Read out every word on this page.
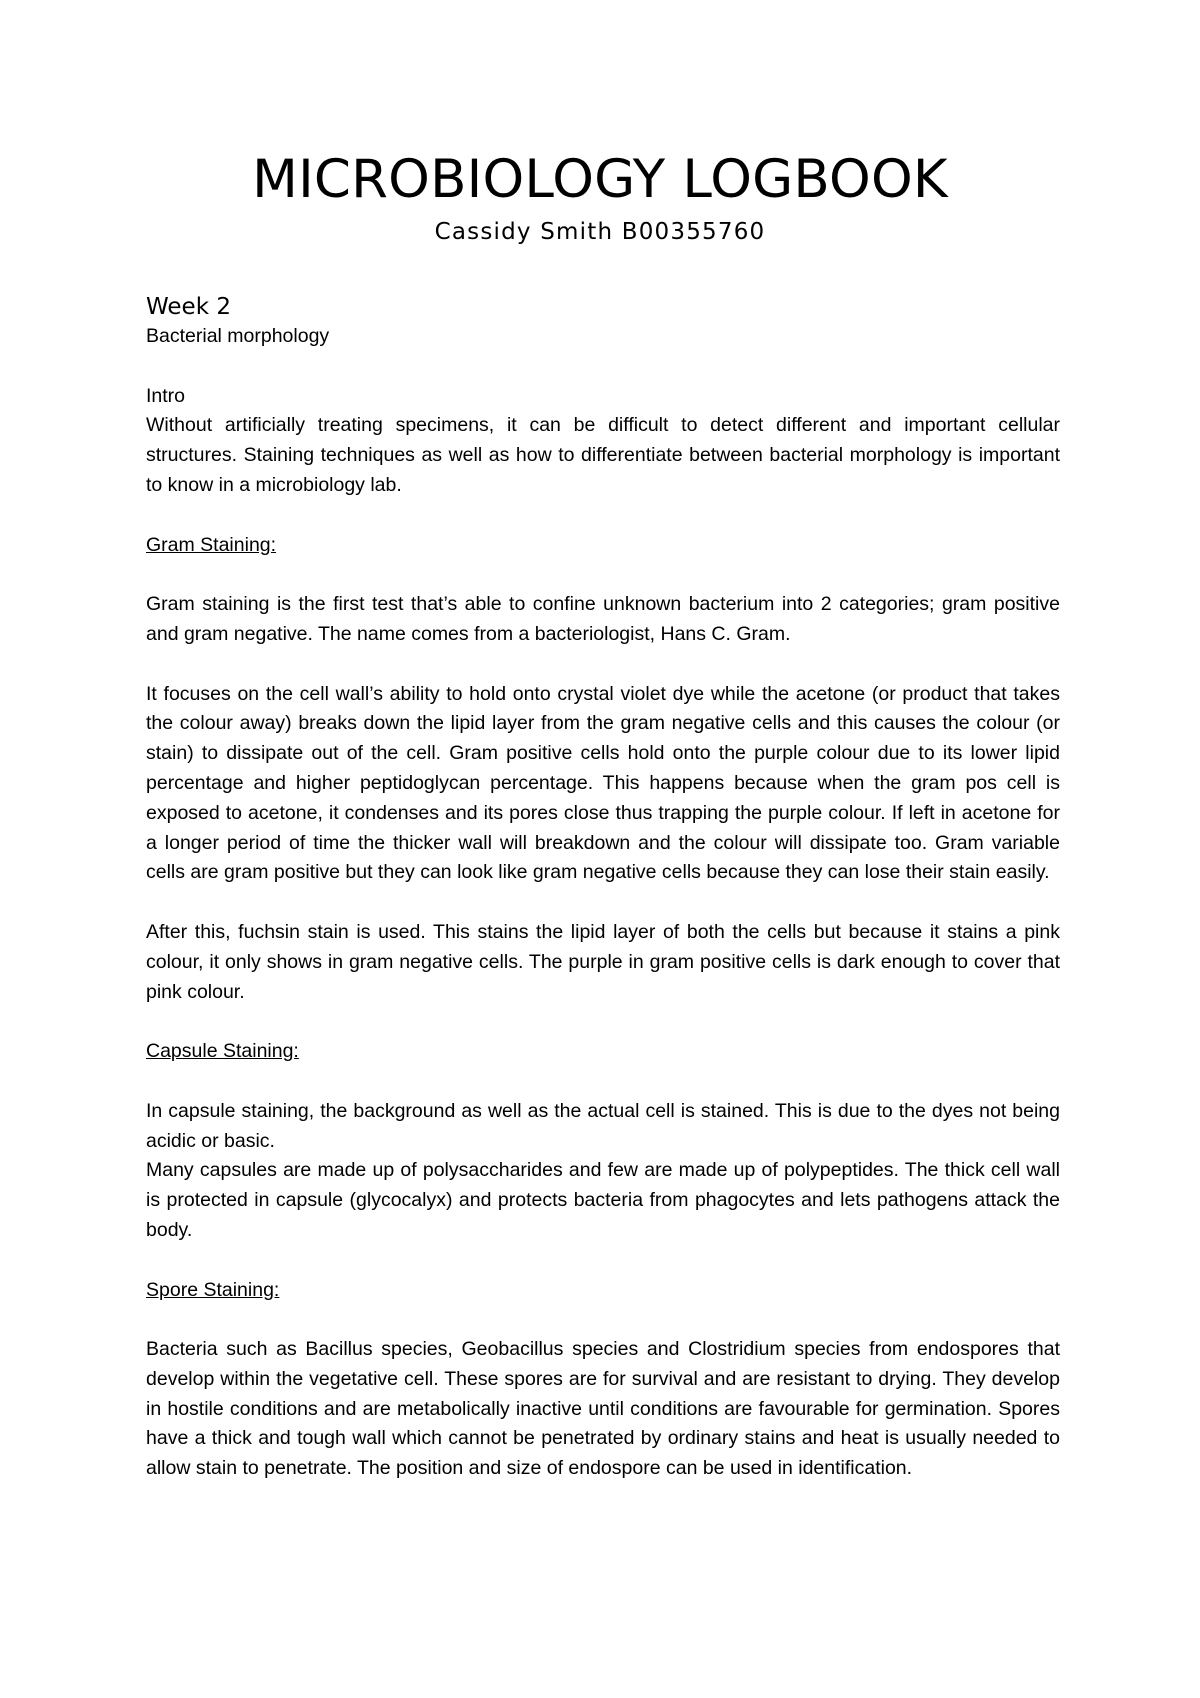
MICROBIOLOGY LOGBOOK
Cassidy Smith B00355760

Week 2

Bacterial morphology

Intro

Without artificially treating specimens, it can be difficult to detect different and important cellular structures. Staining techniques as well as how to differentiate between bacterial morphology is important to know in a microbiology lab.

Gram Staining:

Gram staining is the first test that’s able to confine unknown bacterium into 2 categories; gram positive and gram negative. The name comes from a bacteriologist, Hans C. Gram.

It focuses on the cell wall’s ability to hold onto crystal violet dye while the acetone (or product that takes the colour away) breaks down the lipid layer from the gram negative cells and this causes the colour (or stain) to dissipate out of the cell. Gram positive cells hold onto the purple colour due to its lower lipid percentage and higher peptidoglycan percentage. This happens because when the gram pos cell is exposed to acetone, it condenses and its pores close thus trapping the purple colour. If left in acetone for a longer period of time the thicker wall will breakdown and the colour will dissipate too. Gram variable cells are gram positive but they can look like gram negative cells because they can lose their stain easily.

After this, fuchsin stain is used. This stains the lipid layer of both the cells but because it stains a pink colour, it only shows in gram negative cells. The purple in gram positive cells is dark enough to cover that pink colour.

Capsule Staining:

In capsule staining, the background as well as the actual cell is stained. This is due to the dyes not being acidic or basic.

Many capsules are made up of polysaccharides and few are made up of polypeptides. The thick cell wall is protected in capsule (glycocalyx) and protects bacteria from phagocytes and lets pathogens attack the body.

Spore Staining:

Bacteria such as Bacillus species, Geobacillus species and Clostridium species from endospores that develop within the vegetative cell. These spores are for survival and are resistant to drying. They develop in hostile conditions and are metabolically inactive until conditions are favourable for germination. Spores have a thick and tough wall which cannot be penetrated by ordinary stains and heat is usually needed to allow stain to penetrate. The position and size of endospore can be used in identification.
